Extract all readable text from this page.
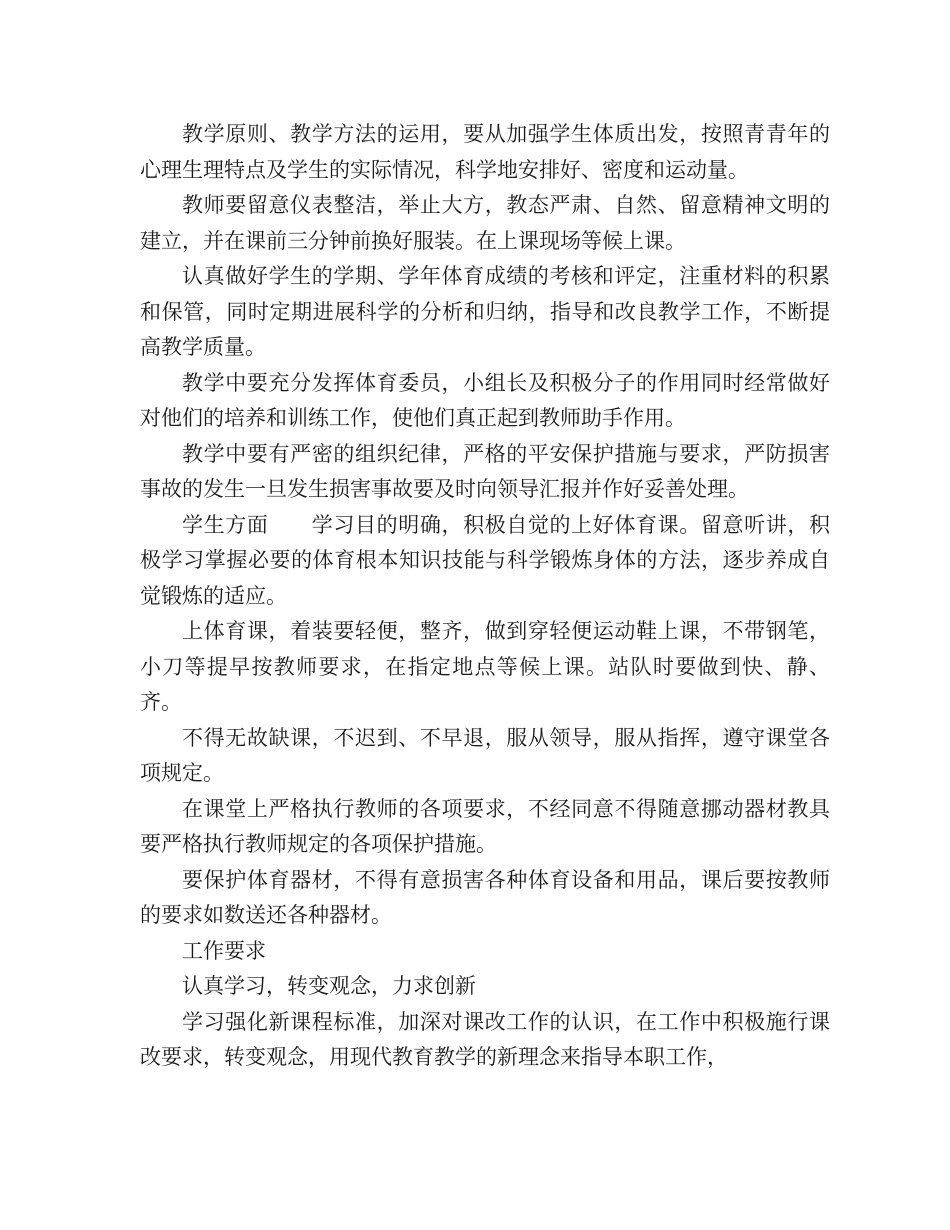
教学原则、教学方法的运用，要从加强学生体质出发，按照青青年的心理生理特点及学生的实际情况，科学地安排好、密度和运动量。

教师要留意仪表整洁，举止大方，教态严肃、自然、留意精神文明的建立，并在课前三分钟前换好服装。在上课现场等候上课。

认真做好学生的学期、学年体育成绩的考核和评定，注重材料的积累和保管，同时定期进展科学的分析和归纳，指导和改良教学工作，不断提高教学质量。

教学中要充分发挥体育委员，小组长及积极分子的作用同时经常做好对他们的培养和训练工作，使他们真正起到教师助手作用。

教学中要有严密的组织纪律，严格的平安保护措施与要求，严防损害事故的发生一旦发生损害事故要及时向领导汇报并作好妥善处理。

学生方面　　学习目的明确，积极自觉的上好体育课。留意听讲，积极学习掌握必要的体育根本知识技能与科学锻炼身体的方法，逐步养成自觉锻炼的适应。

上体育课，着装要轻便，整齐，做到穿轻便运动鞋上课，不带钢笔，小刀等提早按教师要求，在指定地点等候上课。站队时要做到快、静、齐。

不得无故缺课，不迟到、不早退，服从领导，服从指挥，遵守课堂各项规定。

在课堂上严格执行教师的各项要求，不经同意不得随意挪动器材教具要严格执行教师规定的各项保护措施。

要保护体育器材，不得有意损害各种体育设备和用品，课后要按教师的要求如数送还各种器材。

工作要求

认真学习，转变观念，力求创新

学习强化新课程标准，加深对课改工作的认识，在工作中积极施行课改要求，转变观念，用现代教育教学的新理念来指导本职工作，
